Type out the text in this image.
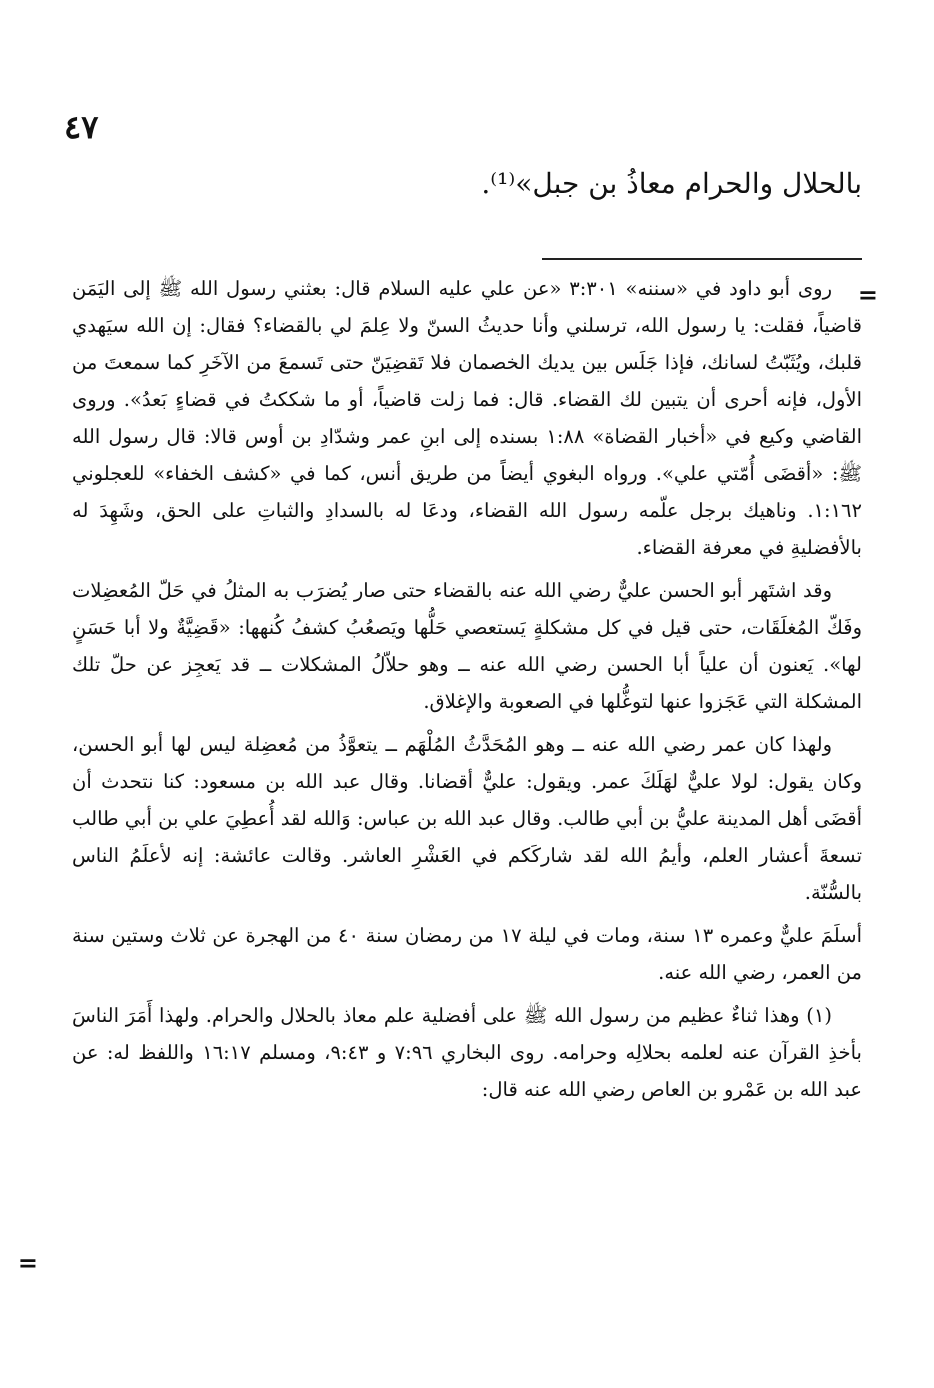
٤٧

بالحلال والحرام معاذُ بن جبل»⁽¹⁾.

=

روى أبو داود في «سننه» ٣:٣٠١ «عن علي عليه السلام قال: بعثني رسول الله ﷺ إلى اليَمَن قاضياً، فقلت: يا رسول الله، ترسلني وأنا حديثُ السنّ ولا عِلمَ لي بالقضاء؟ فقال: إن الله سيَهدي قلبك، ويُثَبّتُ لسانك، فإذا جَلَس بين يديك الخصمان فلا تَقضِيَنّ حتى تَسمعَ من الآخَرِ كما سمعتَ من الأول، فإنه أحرى أن يتبين لك القضاء. قال: فما زلت قاضياً، أو ما شككتُ في قضاءٍ بَعدُ». وروى القاضي وكيع في «أخبار القضاة» ١:٨٨ بسنده إلى ابنِ عمر وشدّادِ بن أوس قالا: قال رسول الله ﷺ: «أقضَى أُمّتي علي». ورواه البغوي أيضاً من طريق أنس، كما في «كشف الخفاء» للعجلوني ١:١٦٢. وناهيك برجل علّمه رسول الله القضاء، ودعَا له بالسدادِ والثباتِ على الحق، وشَهِدَ له بالأفضليةِ في معرفة القضاء.

وقد اشتَهر أبو الحسن عليٌّ رضي الله عنه بالقضاء حتى صار يُضرَب به المثلُ في حَلّ المُعضِلات وفَكّ المُغلَقَات، حتى قيل في كل مشكلةٍ يَستعصي حَلُّها ويَصعُبُ كشفُ كُنهها: «قَضِيَّةٌ ولا أبا حَسَنٍ لها». يَعنون أن علياً أبا الحسن رضي الله عنه ــ وهو حلاّلُ المشكلات ــ قد يَعجِز عن حلّ تلك المشكلة التي عَجَزوا عنها لتوغُّلها في الصعوبة والإغلاق.

ولهذا كان عمر رضي الله عنه ــ وهو المُحَدَّثُ المُلْهَم ــ يتعوَّذُ من مُعضِلة ليس لها أبو الحسن، وكان يقول: لولا عليٌّ لهَلَكَ عمر. ويقول: عليٌّ أقضانا. وقال عبد الله بن مسعود: كنا نتحدث أن أقضَى أهل المدينة عليُّ بن أبي طالب. وقال عبد الله بن عباس: وَالله لقد أُعطِيَ علي بن أبي طالب تسعةَ أعشار العلم، وأيمُ الله لقد شاركَكم في العَشْرِ العاشر. وقالت عائشة: إنه لأعلَمُ الناس بالسُّنّة.

أسلَمَ عليٌّ وعمره ١٣ سنة، ومات في ليلة ١٧ من رمضان سنة ٤٠ من الهجرة عن ثلاث وستين سنة من العمر، رضي الله عنه.

(١) وهذا ثناءٌ عظيم من رسول الله ﷺ على أفضلية علم معاذ بالحلال والحرام. ولهذا أَمَرَ الناسَ بأخذِ القرآن عنه لعلمه بحلالِه وحرامه. روى البخاري ٧:٩٦ و ٩:٤٣، ومسلم ١٦:١٧ واللفظ له: عن عبد الله بن عَمْرو بن العاص رضي الله عنه قال:

=
